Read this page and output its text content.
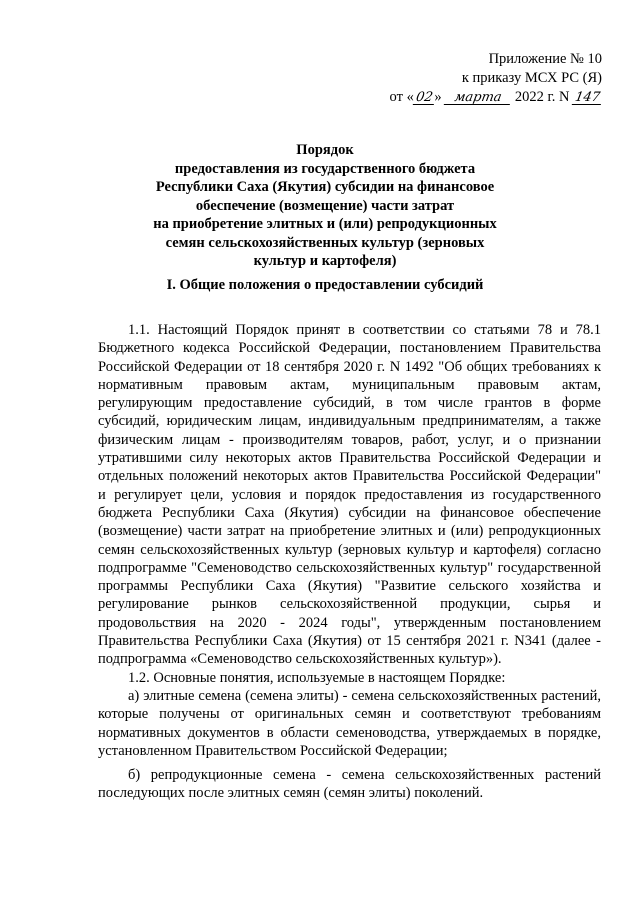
Приложение № 10
к приказу МСХ РС (Я)
от «02» марта 2022 г. N 147
Порядок
предоставления из государственного бюджета
Республики Саха (Якутия) субсидии на финансовое
обеспечение (возмещение) части затрат
на приобретение элитных и (или) репродукционных
семян сельскохозяйственных культур (зерновых
культур и картофеля)
I. Общие положения о предоставлении субсидий

1.1. Настоящий Порядок принят в соответствии со статьями 78 и 78.1 Бюджетного кодекса Российской Федерации, постановлением Правительства Российской Федерации от 18 сентября 2020 г. N 1492 "Об общих требованиях к нормативным правовым актам, муниципальным правовым актам, регулирующим предоставление субсидий, в том числе грантов в форме субсидий, юридическим лицам, индивидуальным предпринимателям, а также физическим лицам - производителям товаров, работ, услуг, и о признании утратившими силу некоторых актов Правительства Российской Федерации и отдельных положений некоторых актов Правительства Российской Федерации" и регулирует цели, условия и порядок предоставления из государственного бюджета Республики Саха (Якутия) субсидии на финансовое обеспечение (возмещение) части затрат на приобретение элитных и (или) репродукционных семян сельскохозяйственных культур (зерновых культур и картофеля) согласно подпрограмме "Семеноводство сельскохозяйственных культур" государственной программы Республики Саха (Якутия) "Развитие сельского хозяйства и регулирование рынков сельскохозяйственной продукции, сырья и продовольствия на 2020 - 2024 годы", утвержденным постановлением Правительства Республики Саха (Якутия) от 15 сентября 2021 г. N341 (далее - подпрограмма «Семеноводство сельскохозяйственных культур»).

1.2. Основные понятия, используемые в настоящем Порядке:

а) элитные семена (семена элиты) - семена сельскохозяйственных растений, которые получены от оригинальных семян и соответствуют требованиям нормативных документов в области семеноводства, утверждаемых в порядке, установленном Правительством Российской Федерации;

б) репродукционные семена - семена сельскохозяйственных растений последующих после элитных семян (семян элиты) поколений.
